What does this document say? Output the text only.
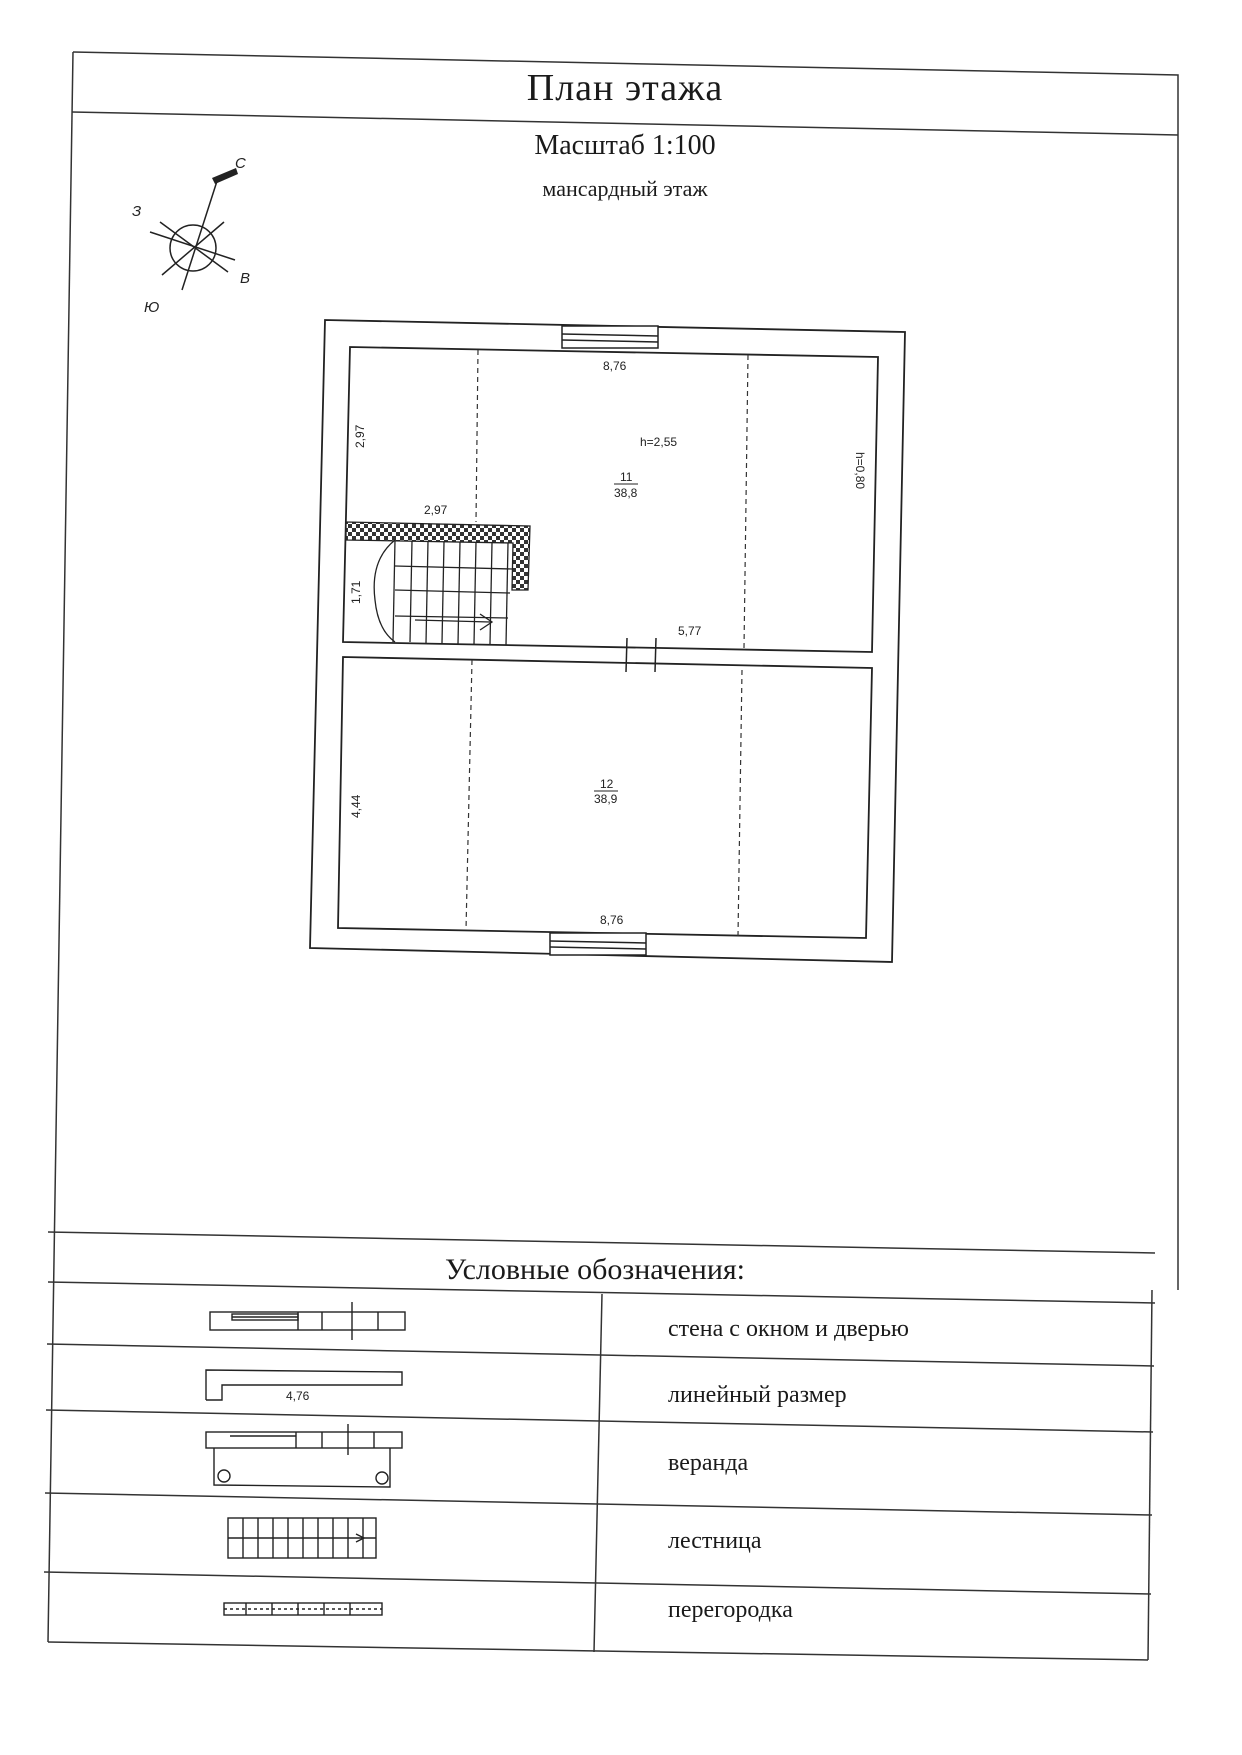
План этажа
Масштаб 1:100
мансардный этаж
С
З
В
Ю
8,76
2,97
2,97
1,71
h=0,80
5,77
4,44
8,76
h=2,55
11
38,8
12
38,9
Условные обозначения:
4,76
стена с окном и дверью
линейный размер
веранда
лестница
перегородка
